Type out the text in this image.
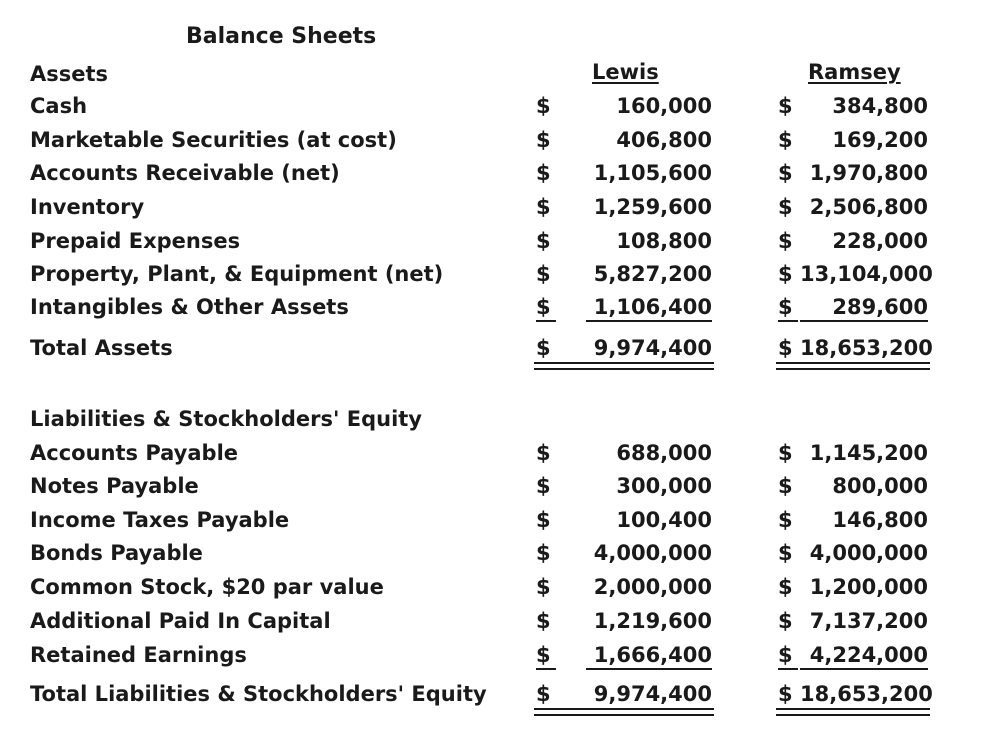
Balance Sheets
Lewis	Ramsey
Assets
Liabilities & Stockholders' Equity
Cash	$	160,000	$	384,800
Marketable Securities (at cost)	$	406,800	$	169,200
Accounts Receivable (net)	$	1,105,600	$ 1,970,800
Inventory	$	1,259,600	$ 2,506,800
Prepaid Expenses	$	108,800	$	228,000
Property, Plant, & Equipment (net)	$	5,827,200	$ 13,104,000
Intangibles & Other Assets	$	1,106,400	$	289,600
Total Assets	$	9,974,400	$ 18,653,200
Accounts Payable	$	688,000	$ 1,145,200
Notes Payable	$	300,000	$	800,000
Income Taxes Payable	$	100,400	$	146,800
Bonds Payable	$	4,000,000	$ 4,000,000
Common Stock, $20 par value	$	2,000,000	$ 1,200,000
Additional Paid In Capital	$	1,219,600	$ 7,137,200
Retained Earnings	$	1,666,400	$ 4,224,000
Total Liabilities & Stockholders' Equity $	9,974,400	$ 18,653,200
